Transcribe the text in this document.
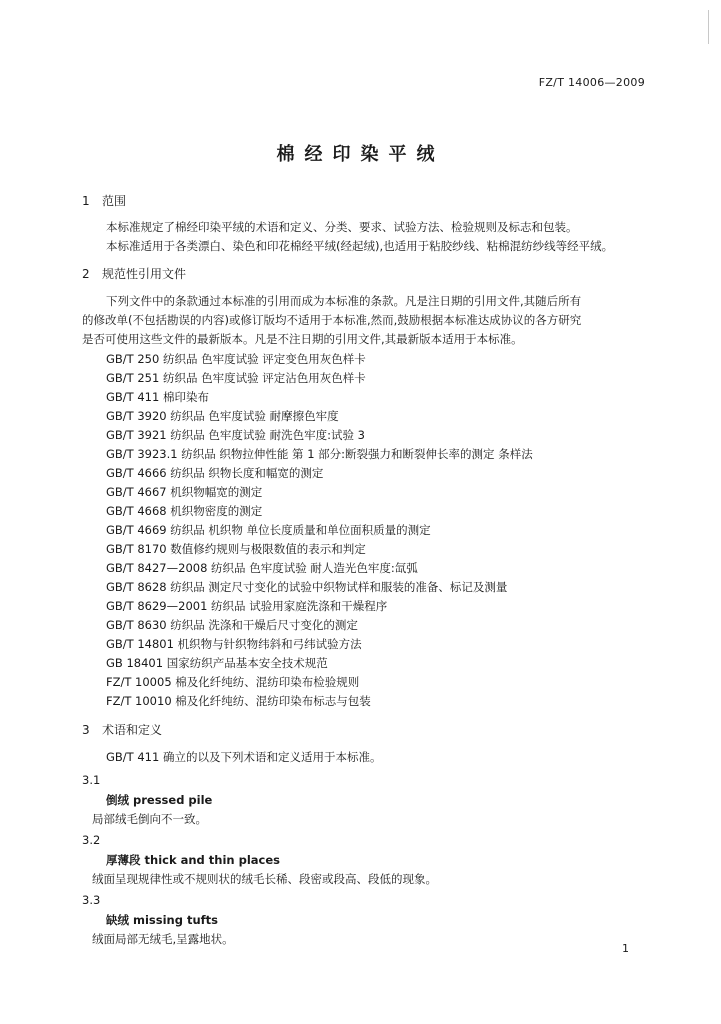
FZ/T 14006—2009
棉经印染平绒
1 范围
本标准规定了棉经印染平绒的术语和定义、分类、要求、试验方法、检验规则及标志和包装。
本标准适用于各类漂白、染色和印花棉经平绒(经起绒),也适用于粘胶纱线、粘棉混纺纱线等经平绒。
2 规范性引用文件
下列文件中的条款通过本标准的引用而成为本标准的条款。凡是注日期的引用文件,其随后所有
的修改单(不包括勘误的内容)或修订版均不适用于本标准,然而,鼓励根据本标准达成协议的各方研究
是否可使用这些文件的最新版本。凡是不注日期的引用文件,其最新版本适用于本标准。
GB/T 250 纺织品 色牢度试验 评定变色用灰色样卡
GB/T 251 纺织品 色牢度试验 评定沾色用灰色样卡
GB/T 411 棉印染布
GB/T 3920 纺织品 色牢度试验 耐摩擦色牢度
GB/T 3921 纺织品 色牢度试验 耐洗色牢度:试验 3
GB/T 3923.1 纺织品 织物拉伸性能 第 1 部分:断裂强力和断裂伸长率的测定 条样法
GB/T 4666 纺织品 织物长度和幅宽的测定
GB/T 4667 机织物幅宽的测定
GB/T 4668 机织物密度的测定
GB/T 4669 纺织品 机织物 单位长度质量和单位面积质量的测定
GB/T 8170 数值修约规则与极限数值的表示和判定
GB/T 8427—2008 纺织品 色牢度试验 耐人造光色牢度:氙弧
GB/T 8628 纺织品 测定尺寸变化的试验中织物试样和服装的准备、标记及测量
GB/T 8629—2001 纺织品 试验用家庭洗涤和干燥程序
GB/T 8630 纺织品 洗涤和干燥后尺寸变化的测定
GB/T 14801 机织物与针织物纬斜和弓纬试验方法
GB 18401 国家纺织产品基本安全技术规范
FZ/T 10005 棉及化纤纯纺、混纺印染布检验规则
FZ/T 10010 棉及化纤纯纺、混纺印染布标志与包装
3 术语和定义
GB/T 411 确立的以及下列术语和定义适用于本标准。
3.1
倒绒 pressed pile
局部绒毛倒向不一致。
3.2
厚薄段 thick and thin places
绒面呈现规律性或不规则状的绒毛长稀、段密或段高、段低的现象。
3.3
缺绒 missing tufts
绒面局部无绒毛,呈露地状。
1
